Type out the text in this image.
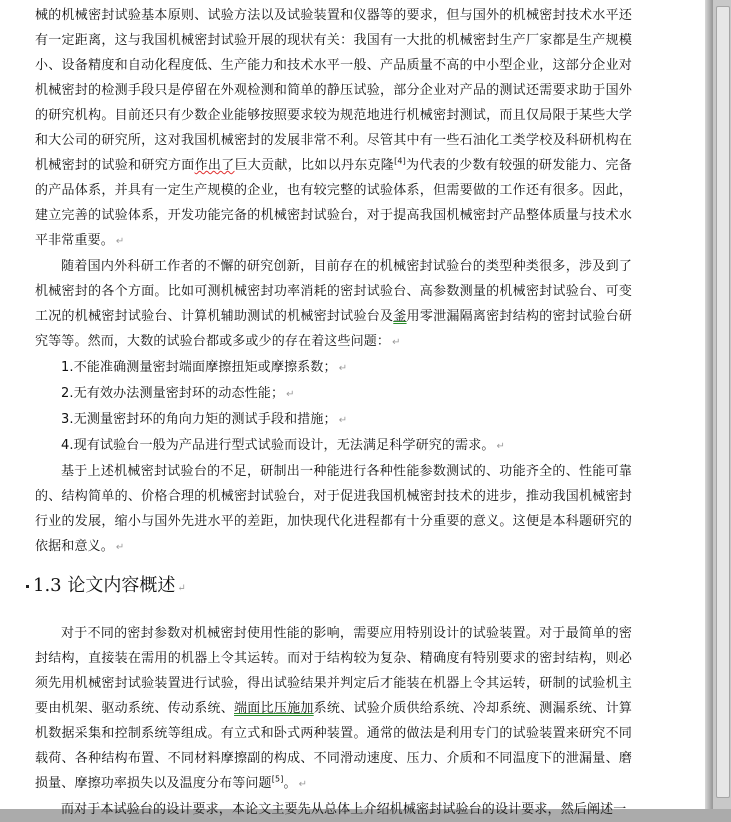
械的机械密封试验基本原则、试验方法以及试验装置和仪器等的要求，但与国外的机械密封技术水平还有一定距离，这与我国机械密封试验开展的现状有关：我国有一大批的机械密封生产厂家都是生产规模小、设备精度和自动化程度低、生产能力和技术水平一般、产品质量不高的中小型企业，这部分企业对机械密封的检测手段只是停留在外观检测和简单的静压试验，部分企业对产品的测试还需要求助于国外的研究机构。目前还只有少数企业能够按照要求较为规范地进行机械密封测试，而且仅局限于某些大学和大公司的研究所，这对我国机械密封的发展非常不利。尽管其中有一些石油化工类学校及科研机构在机械密封的试验和研究方面作出了巨大贡献，比如以丹东克隆[4]为代表的少数有较强的研发能力、完备的产品体系，并具有一定生产规模的企业，也有较完整的试验体系，但需要做的工作还有很多。因此，建立完善的试验体系，开发功能完备的机械密封试验台，对于提高我国机械密封产品整体质量与技术水平非常重要。 ↵

随着国内外科研工作者的不懈的研究创新，目前存在的机械密封试验台的类型种类很多，涉及到了机械密封的各个方面。比如可测机械密封功率消耗的密封试验台、高参数测量的机械密封试验台、可变工况的机械密封试验台、计算机辅助测试的机械密封试验台及釜用零泄漏隔离密封结构的密封试验台研究等等。然而，大数的试验台都或多或少的存在着这些问题： ↵

1.不能准确测量密封端面摩擦扭矩或摩擦系数； ↵

2.无有效办法测量密封环的动态性能； ↵

3.无测量密封环的角向力矩的测试手段和措施； ↵

4.现有试验台一般为产品进行型式试验而设计，无法满足科学研究的需求。 ↵

基于上述机械密封试验台的不足，研制出一种能进行各种性能参数测试的、功能齐全的、性能可靠的、结构简单的、价格合理的机械密封试验台，对于促进我国机械密封技术的进步，推动我国机械密封行业的发展，缩小与国外先进水平的差距，加快现代化进程都有十分重要的意义。这便是本科题研究的依据和意义。 ↵

1.3 论文内容概述 ↵

对于不同的密封参数对机械密封使用性能的影响，需要应用特别设计的试验装置。对于最简单的密封结构，直接装在需用的机器上令其运转。而对于结构较为复杂、精确度有特别要求的密封结构，则必须先用机械密封试验装置进行试验，得出试验结果并判定后才能装在机器上令其运转，研制的试验机主要由机架、驱动系统、传动系统、端面比压施加系统、试验介质供给系统、冷却系统、测漏系统、计算机数据采集和控制系统等组成。有立式和卧式两种装置。通常的做法是利用专门的试验装置来研究不同载荷、各种结构布置、不同材料摩擦副的构成、不同滑动速度、压力、介质和不同温度下的泄漏量、磨损量、摩擦功率损失以及温度分布等问题[5]。 ↵

而对于本试验台的设计要求，本论文主要先从总体上介绍机械密封试验台的设计要求，然后阐述一
